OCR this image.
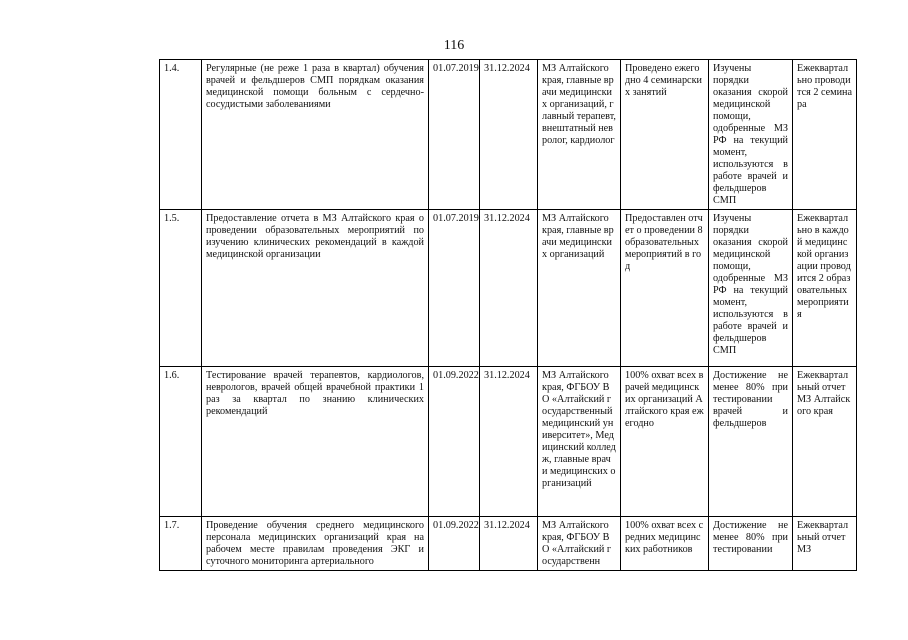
116
1.4.	Регулярные (не реже 1 раза в квартал) обучения врачей и фельдшеров СМП порядкам оказания медицинской помощи больным с сердечно-сосудистыми заболеваниями	01.07.2019	31.12.2024	МЗ Алтайского края, главные врачи медицинских организаций, главный терапевт, внештатный невролог, кардиолог	Проведено ежегодно 4 семинарских занятий	Изучены порядки оказания скорой медицинской помощи, одобренные МЗ РФ на текущий момент, используются в работе врачей и фельдшеров СМП	Ежеквартально проводится 2 семинара
1.5.	Предоставление отчета в МЗ Алтайского края о проведении образовательных мероприятий по изучению клинических рекомендаций в каждой медицинской организации	01.07.2019	31.12.2024	МЗ Алтайского края, главные врачи медицинских организаций	Предоставлен отчет о проведении 8 образовательных мероприятий в год	Изучены порядки оказания скорой медицинской помощи, одобренные МЗ РФ на текущий момент, используются в работе врачей и фельдшеров СМП	Ежеквартально в каждой медицинской организации проводится 2 образовательных мероприятия
1.6.	Тестирование врачей терапевтов, кардиологов, неврологов, врачей общей врачебной практики 1 раз за квартал по знанию клинических рекомендаций	01.09.2022	31.12.2024	МЗ Алтайского края, ФГБОУ ВО «Алтайский государственный медицинский университет», Медицинский колледж, главные врачи медицинских организаций	100% охват всех врачей медицинских организаций Алтайского края ежегодно	Достижение не менее 80% при тестировании врачей и фельдшеров	Ежеквартальный отчет МЗ Алтайского края
1.7.	Проведение обучения среднего медицинского персонала медицинских организаций края на рабочем месте правилам проведения ЭКГ и суточного мониторинга артериального	01.09.2022	31.12.2024	МЗ Алтайского края, ФГБОУ ВО «Алтайский государственн	100% охват всех средних медицинских работников	Достижение не менее 80% при тестировании	Ежеквартальный отчет МЗ
